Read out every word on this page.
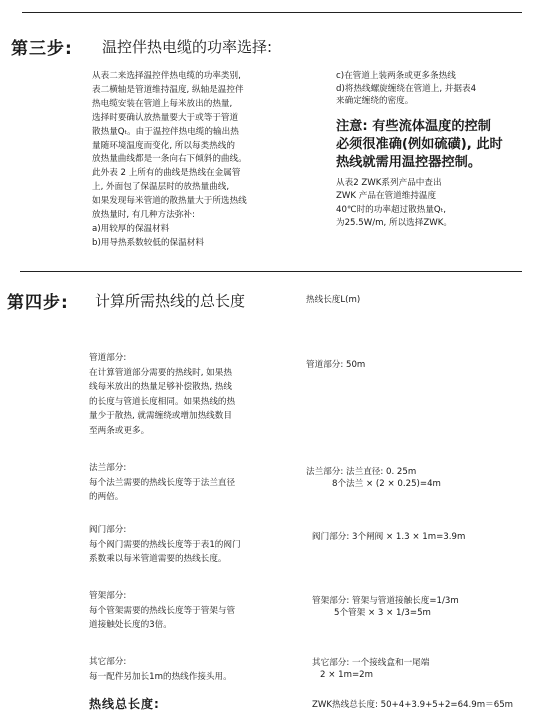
第三步: 温控伴热电缆的功率选择:
从表二来选择温控伴热电缆的功率类别,
表二横轴是管道维持温度, 纵轴是温控伴
热电缆安装在管道上每米放出的热量,
选择时要确认放热量要大于或等于管道
散热量Qₜ。由于温控伴热电缆的输出热
量随环境温度而变化, 所以每类热线的
放热量曲线都是一条向右下倾斜的曲线。
此外表 2 上所有的曲线是热线在金属管
上, 外面包了保温层时的放热量曲线,
如果发现每米管道的散热量大于所选热线
放热量时, 有几种方法弥补:
a)用较厚的保温材料
b)用导热系数较低的保温材料
c)在管道上装两条或更多条热线
d)将热线螺旋缠绕在管道上, 并据表4
来确定缠绕的密度。
注意: 有些流体温度的控制
必须很准确(例如硫磺), 此时
热线就需用温控器控制。
从表2 ZWK系列产品中查出
ZWK 产品在管道维持温度
40℃时的功率超过散热量Qₜ,
为25.5W/m, 所以选择ZWK。
第四步: 计算所需热线的总长度	热线长度L(m)
管道部分:
在计算管道部分需要的热线时, 如果热
线每米放出的热量足够补偿散热, 热线
的长度与管道长度相同。如果热线的热
量少于散热, 就需缠绕或增加热线数目
至两条或更多。
管道部分: 50m
法兰部分:
每个法兰需要的热线长度等于法兰直径
的两倍。
法兰部分: 法兰直径: 0. 25m
8个法兰 × (2 × 0.25)=4m
阀门部分:
每个阀门需要的热线长度等于表1的阀门
系数乘以每米管道需要的热线长度。
阀门部分: 3个闸阀 × 1.3 × 1m=3.9m
管架部分:
每个管架需要的热线长度等于管架与管
道接触处长度的3倍。
管架部分: 管架与管道接触长度=1/3m
5个管架 × 3 × 1/3=5m
其它部分:
每一配件另加长1m的热线作接头用。
其它部分: 一个接线盒和一尾端
2 × 1m=2m
热线总长度:	ZWK热线总长度: 50+4+3.9+5+2=64.9m＝65m
